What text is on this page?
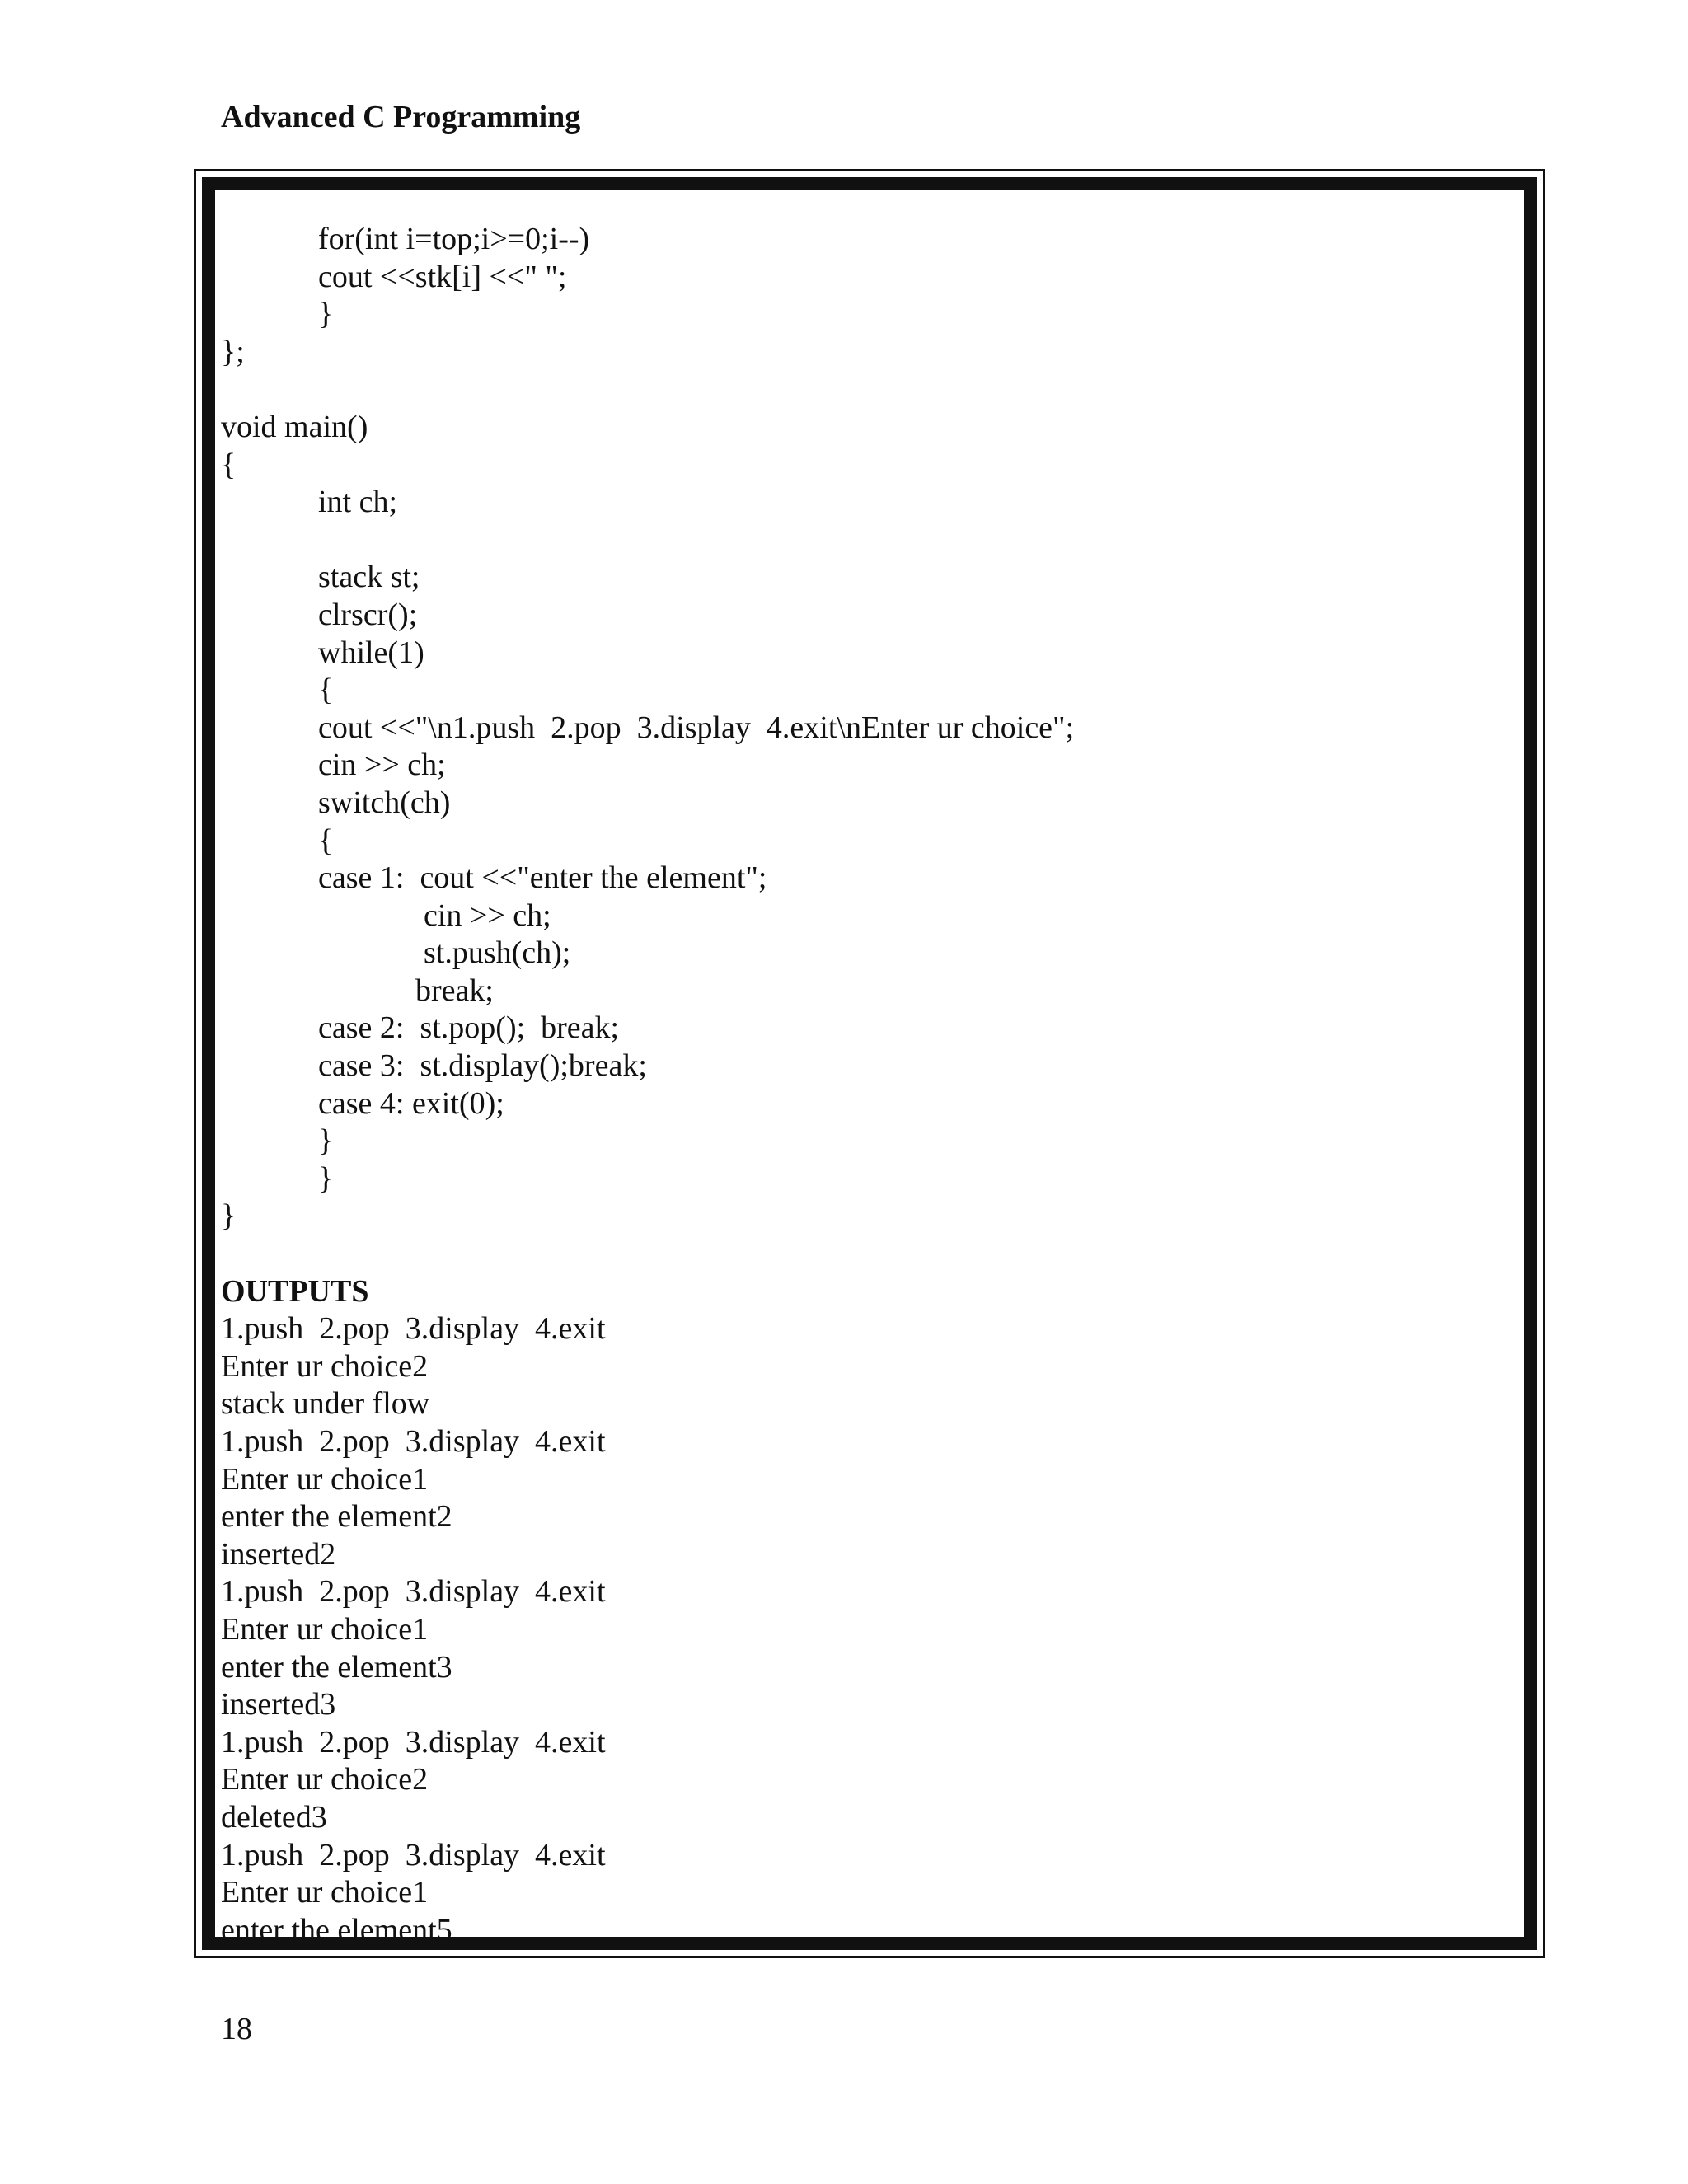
Advanced C Programming
for(int i=top;i>=0;i--)
cout <<stk[i] <<" ";
}
};
void main()
{
int ch;
stack st;
clrscr();
while(1)
{
cout <<"\n1.push  2.pop  3.display  4.exit\nEnter ur choice";
cin >> ch;
switch(ch)
{
case 1:  cout <<"enter the element";
cin >> ch;
st.push(ch);
break;
case 2:  st.pop();  break;
case 3:  st.display();break;
case 4: exit(0);
}
}
}
OUTPUTS
1.push  2.pop  3.display  4.exit
Enter ur choice2
stack under flow
1.push  2.pop  3.display  4.exit
Enter ur choice1
enter the element2
inserted2
1.push  2.pop  3.display  4.exit
Enter ur choice1
enter the element3
inserted3
1.push  2.pop  3.display  4.exit
Enter ur choice2
deleted3
1.push  2.pop  3.display  4.exit
Enter ur choice1
enter the element5
18
